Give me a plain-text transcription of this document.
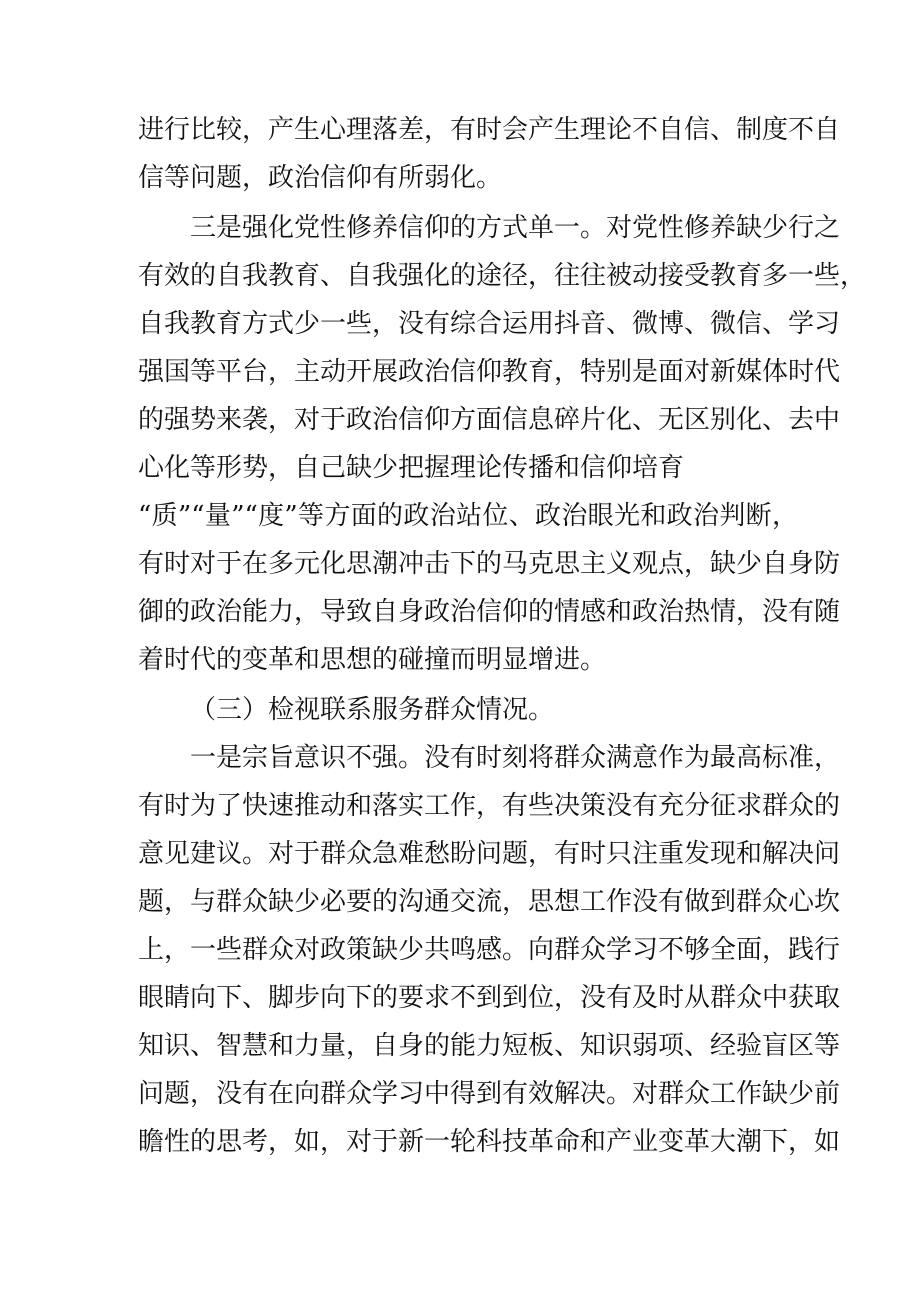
进行比较，产生心理落差，有时会产生理论不自信、制度不自
信等问题，政治信仰有所弱化。
三是强化党性修养信仰的方式单一。对党性修养缺少行之
有效的自我教育、自我强化的途径，往往被动接受教育多一些，
自我教育方式少一些，没有综合运用抖音、微博、微信、学习
强国等平台，主动开展政治信仰教育，特别是面对新媒体时代
的强势来袭，对于政治信仰方面信息碎片化、无区别化、去中
心化等形势，自己缺少把握理论传播和信仰培育
“质”“量”“度”等方面的政治站位、政治眼光和政治判断，
有时对于在多元化思潮冲击下的马克思主义观点，缺少自身防
御的政治能力，导致自身政治信仰的情感和政治热情，没有随
着时代的变革和思想的碰撞而明显增进。
（三）检视联系服务群众情况。
一是宗旨意识不强。没有时刻将群众满意作为最高标准，
有时为了快速推动和落实工作，有些决策没有充分征求群众的
意见建议。对于群众急难愁盼问题，有时只注重发现和解决问
题，与群众缺少必要的沟通交流，思想工作没有做到群众心坎
上，一些群众对政策缺少共鸣感。向群众学习不够全面，践行
眼睛向下、脚步向下的要求不到到位，没有及时从群众中获取
知识、智慧和力量，自身的能力短板、知识弱项、经验盲区等
问题，没有在向群众学习中得到有效解决。对群众工作缺少前
瞻性的思考，如，对于新一轮科技革命和产业变革大潮下，如
